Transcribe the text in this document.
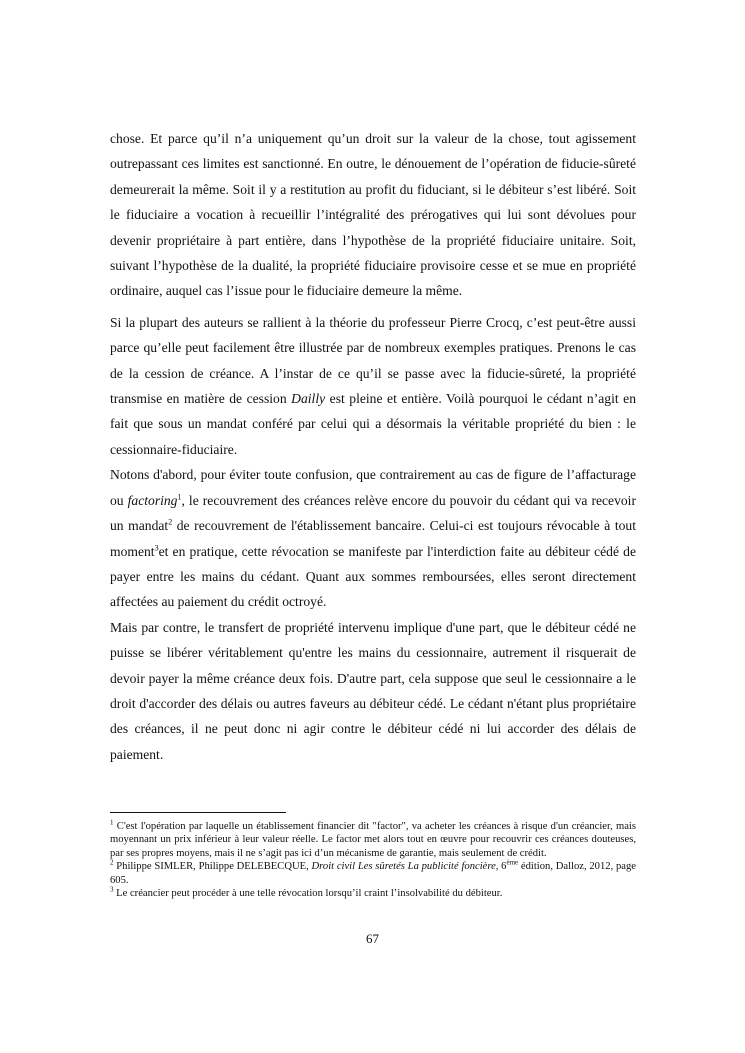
chose. Et parce qu’il n’a uniquement qu’un droit sur la valeur de la chose, tout agissement outrepassant ces limites est sanctionné. En outre, le dénouement de l’opération de fiducie-sûreté demeurerait la même. Soit il y a restitution au profit du fiduciant, si le débiteur s’est libéré. Soit le fiduciaire a vocation à recueillir l’intégralité des prérogatives qui lui sont dévolues pour devenir propriétaire à part entière, dans l’hypothèse de la propriété fiduciaire unitaire. Soit, suivant l’hypothèse de la dualité, la propriété fiduciaire provisoire cesse et se mue en propriété ordinaire, auquel cas l’issue pour le fiduciaire demeure la même.

Si la plupart des auteurs se rallient à la théorie du professeur Pierre Crocq, c’est peut-être aussi parce qu’elle peut facilement être illustrée par de nombreux exemples pratiques. Prenons le cas de la cession de créance. A l’instar de ce qu’il se passe avec la fiducie-sûreté, la propriété transmise en matière de cession Dailly est pleine et entière. Voilà pourquoi le cédant n’agit en fait que sous un mandat conféré par celui qui a désormais la véritable propriété du bien : le cessionnaire-fiduciaire.

Notons d'abord, pour éviter toute confusion, que contrairement au cas de figure de l’affacturage ou factoring$^1$, le recouvrement des créances relève encore du pouvoir du cédant qui va recevoir un mandat$^2$ de recouvrement de l'établissement bancaire. Celui-ci est toujours révocable à tout moment$^3$et en pratique, cette révocation se manifeste par l'interdiction faite au débiteur cédé de payer entre les mains du cédant. Quant aux sommes remboursées, elles seront directement affectées au paiement du crédit octroyé.

Mais par contre, le transfert de propriété intervenu implique d'une part, que le débiteur cédé ne puisse se libérer véritablement qu'entre les mains du cessionnaire, autrement il risquerait de devoir payer la même créance deux fois. D'autre part, cela suppose que seul le cessionnaire a le droit d'accorder des délais ou autres faveurs au débiteur cédé. Le cédant n'étant plus propriétaire des créances, il ne peut donc ni agir contre le débiteur cédé ni lui accorder des délais de paiement.

$^1$ C'est l'opération par laquelle un établissement financier dit "factor", va acheter les créances à risque d'un créancier, mais moyennant un prix inférieur à leur valeur réelle. Le factor met alors tout en œuvre pour recouvrir ces créances douteuses, par ses propres moyens, mais il ne s’agit pas ici d’un mécanisme de garantie, mais seulement de crédit.

$^2$ Philippe SIMLER, Philippe DELEBECQUE, Droit civil Les sûretés La publicité foncière, 6ème édition, Dalloz, 2012, page 605.

$^3$ Le créancier peut procéder à une telle révocation lorsqu’il craint l’insolvabilité du débiteur.

67
